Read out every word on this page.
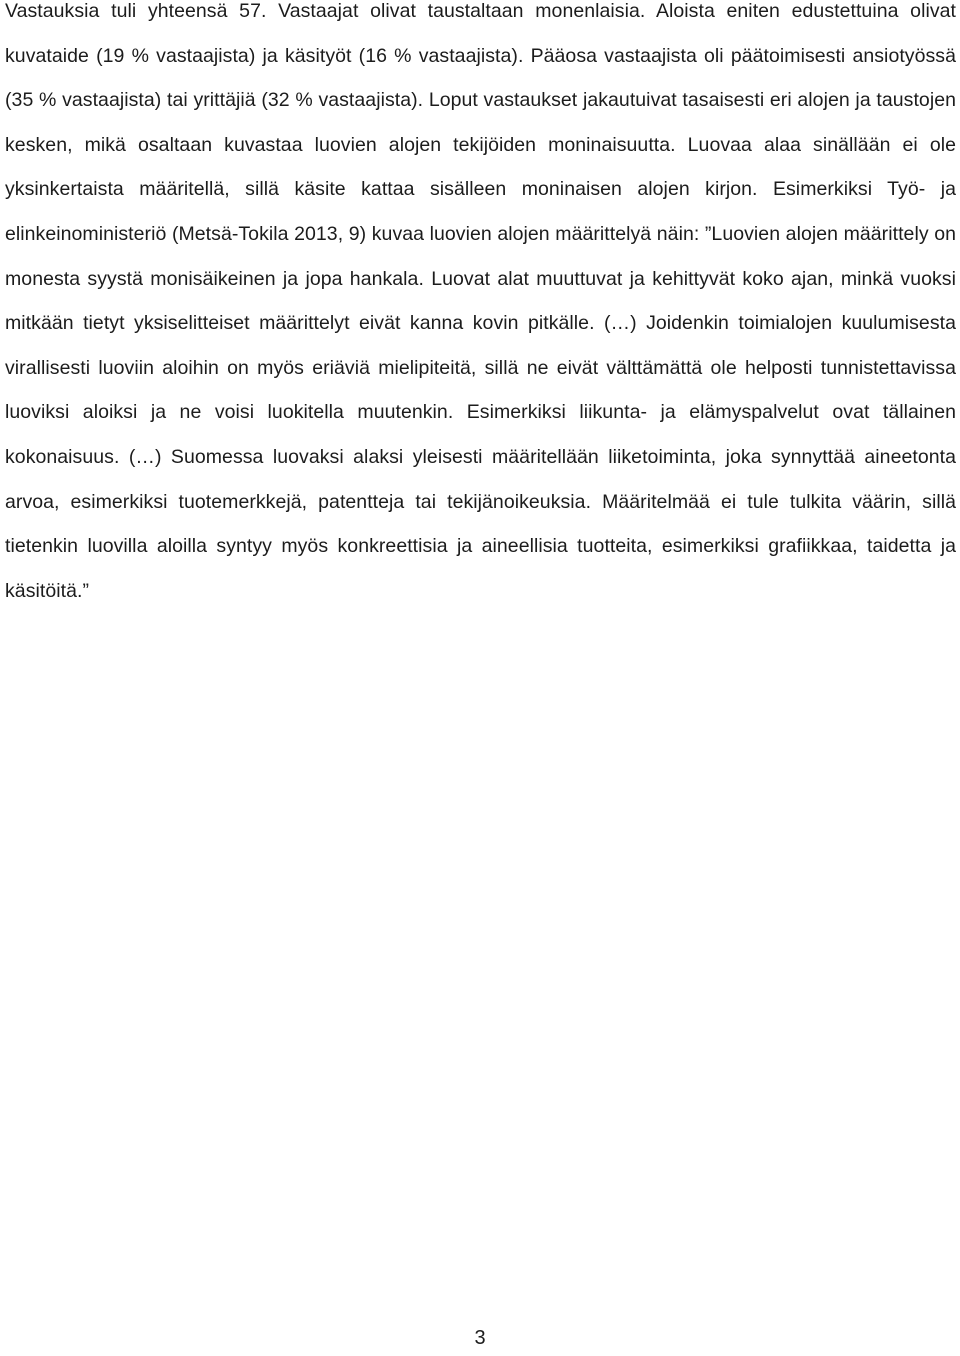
Vastauksia tuli yhteensä 57. Vastaajat olivat taustaltaan monenlaisia. Aloista eniten edustettuina olivat kuvataide (19 % vastaajista) ja käsityöt (16 % vastaajista). Pääosa vastaajista oli päätoimisesti ansiotyössä (35 % vastaajista) tai yrittäjiä (32 % vastaajista). Loput vastaukset jakautuivat tasaisesti eri alojen ja taustojen kesken, mikä osaltaan kuvastaa luovien alojen tekijöiden moninaisuutta. Luovaa alaa sinällään ei ole yksinkertaista määritellä, sillä käsite kattaa sisälleen moninaisen alojen kirjon. Esimerkiksi Työ- ja elinkeinoministeriö (Metsä-Tokila 2013, 9) kuvaa luovien alojen määrittelyä näin: ”Luovien alojen määrittely on monesta syystä monisäikeinen ja jopa hankala. Luovat alat muuttuvat ja kehittyvät koko ajan, minkä vuoksi mitkään tietyt yksiselitteiset määrittelyt eivät kanna kovin pitkälle. (…) Joidenkin toimialojen kuulumisesta virallisesti luoviin aloihin on myös eriäviä mielipiteitä, sillä ne eivät välttämättä ole helposti tunnistettavissa luoviksi aloiksi ja ne voisi luokitella muutenkin. Esimerkiksi liikunta- ja elämyspalvelut ovat tällainen kokonaisuus. (…) Suomessa luovaksi alaksi yleisesti määritellään liiketoiminta, joka synnyttää aineetonta arvoa, esimerkiksi tuotemerkkejä, patentteja tai tekijänoikeuksia. Määritelmää ei tule tulkita väärin, sillä tietenkin luovilla aloilla syntyy myös konkreettisia ja aineellisia tuotteita, esimerkiksi grafiikkaa, taidetta ja käsitöitä.”

3
